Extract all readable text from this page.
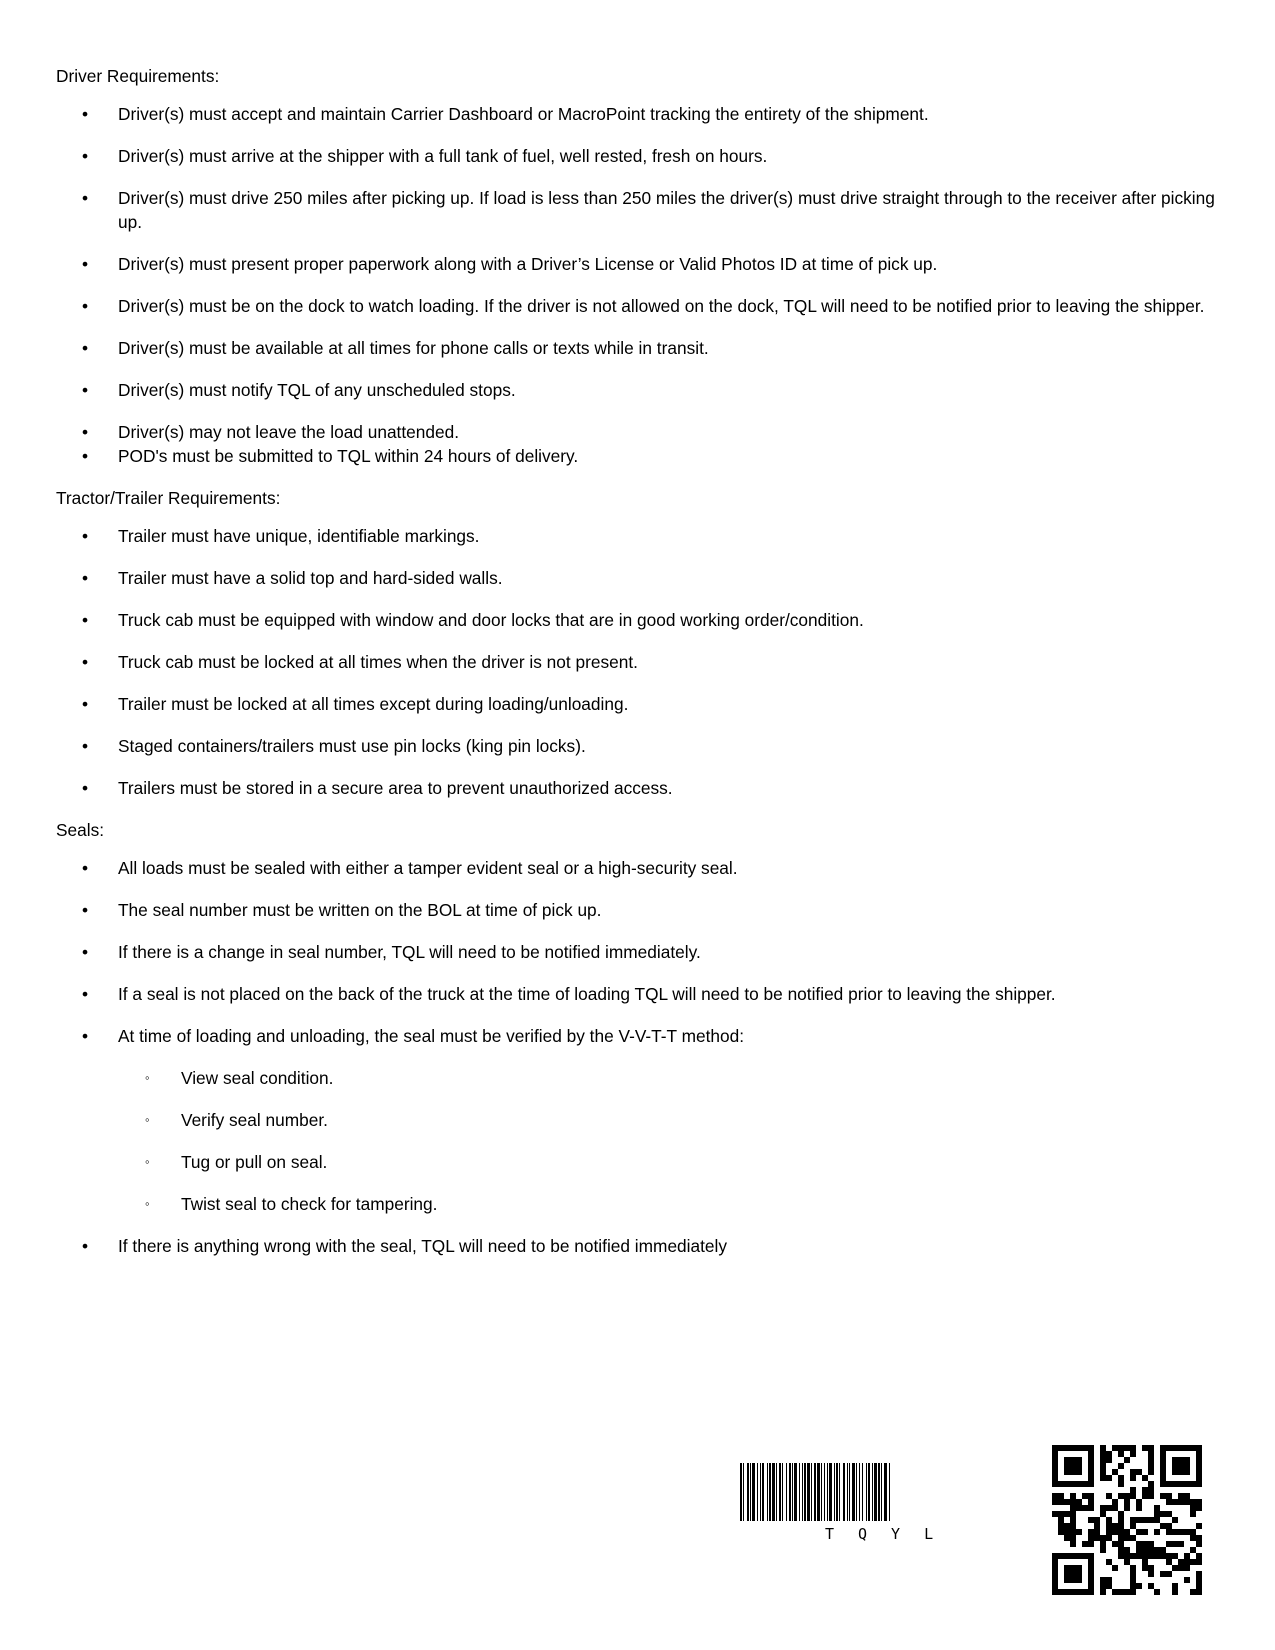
Driver Requirements:
• Driver(s) must accept and maintain Carrier Dashboard or MacroPoint tracking the entirety of the shipment.
• Driver(s) must arrive at the shipper with a full tank of fuel, well rested, fresh on hours.
• Driver(s) must drive 250 miles after picking up. If load is less than 250 miles the driver(s) must drive straight through to the receiver after picking up.
• Driver(s) must present proper paperwork along with a Driver’s License or Valid Photos ID at time of pick up.
• Driver(s) must be on the dock to watch loading. If the driver is not allowed on the dock, TQL will need to be notified prior to leaving the shipper.
• Driver(s) must be available at all times for phone calls or texts while in transit.
• Driver(s) must notify TQL of any unscheduled stops.
• Driver(s) may not leave the load unattended.
• POD's must be submitted to TQL within 24 hours of delivery.
Tractor/Trailer Requirements:
• Trailer must have unique, identifiable markings.
• Trailer must have a solid top and hard-sided walls.
• Truck cab must be equipped with window and door locks that are in good working order/condition.
• Truck cab must be locked at all times when the driver is not present.
• Trailer must be locked at all times except during loading/unloading.
• Staged containers/trailers must use pin locks (king pin locks).
• Trailers must be stored in a secure area to prevent unauthorized access.
Seals:
• All loads must be sealed with either a tamper evident seal or a high-security seal.
• The seal number must be written on the BOL at time of pick up.
• If there is a change in seal number, TQL will need to be notified immediately.
• If a seal is not placed on the back of the truck at the time of loading TQL will need to be notified prior to leaving the shipper.
• At time of loading and unloading, the seal must be verified by the V-V-T-T method:
◦ View seal condition.
◦ Verify seal number.
◦ Tug or pull on seal.
◦ Twist seal to check for tampering.
• If there is anything wrong with the seal, TQL will need to be notified immediately
TQYL
